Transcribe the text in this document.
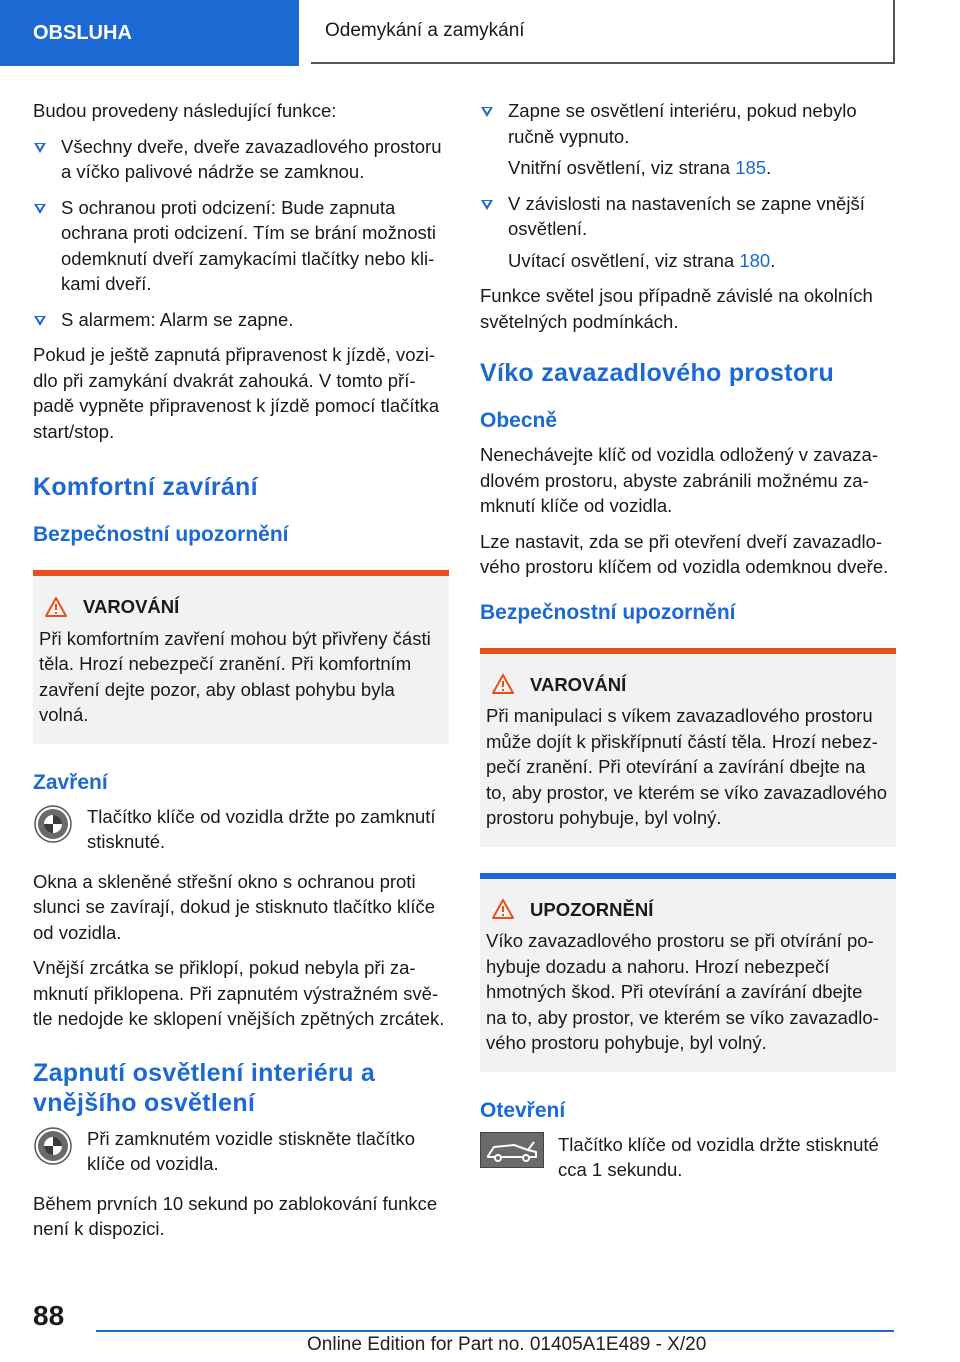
OBSLUHA	Odemykání a zamykání

Budou provedeny následující funkce:

Všechny dveře, dveře zavazadlového prostoru a víčko palivové nádrže se zamknou.
S ochranou proti odcizení: Bude zapnuta ochrana proti odcizení. Tím se brání možnosti odemknutí dveří zamykacími tlačítky nebo klikami dveří.
S alarmem: Alarm se zapne.

Pokud je ještě zapnutá připravenost k jízdě, vozidlo při zamykání dvakrát zahouká. V tomto případě vypněte připravenost k jízdě pomocí tlačítka start/stop.

Komfortní zavírání
Bezpečnostní upozornění
VAROVÁNÍ

Při komfortním zavření mohou být přivřeny části těla. Hrozí nebezpečí zranění. Při komfortním zavření dejte pozor, aby oblast pohybu byla volná.

Zavření
Tlačítko klíče od vozidla držte po zamknutí stisknuté.

Okna a skleněné střešní okno s ochranou proti slunci se zavírají, dokud je stisknuto tlačítko klíče od vozidla.

Vnější zrcátka se přiklopí, pokud nebyla při zamknutí přiklopena. Při zapnutém výstražném světle nedojde ke sklopení vnějších zpětných zrcátek.

Zapnutí osvětlení interiéru a vnějšího osvětlení
Při zamknutém vozidle stiskněte tlačítko klíče od vozidla.

Během prvních 10 sekund po zablokování funkce není k dispozici.

Zapne se osvětlení interiéru, pokud nebylo ručně vypnuto.

Vnitřní osvětlení, viz strana 185.

V závislosti na nastaveních se zapne vnější osvětlení.

Uvítací osvětlení, viz strana 180.

Funkce světel jsou případně závislé na okolních světelných podmínkách.

Víko zavazadlového prostoru
Obecně

Nenechávejte klíč od vozidla odložený v zavazadlovém prostoru, abyste zabránili možnému zamknutí klíče od vozidla.

Lze nastavit, zda se při otevření dveří zavazadlového prostoru klíčem od vozidla odemknou dveře.

Bezpečnostní upozornění
VAROVÁNÍ

Při manipulaci s víkem zavazadlového prostoru může dojít k přiskřípnutí částí těla. Hrozí nebezpečí zranění. Při otevírání a zavírání dbejte na to, aby prostor, ve kterém se víko zavazadlového prostoru pohybuje, byl volný.

UPOZORNĚNÍ

Víko zavazadlového prostoru se při otvírání pohybuje dozadu a nahoru. Hrozí nebezpečí hmotných škod. Při otevírání a zavírání dbejte na to, aby prostor, ve kterém se víko zavazadlového prostoru pohybuje, byl volný.

Otevření
Tlačítko klíče od vozidla držte stisknuté cca 1 sekundu.
88
Online Edition for Part no. 01405A1E489 - X/20
